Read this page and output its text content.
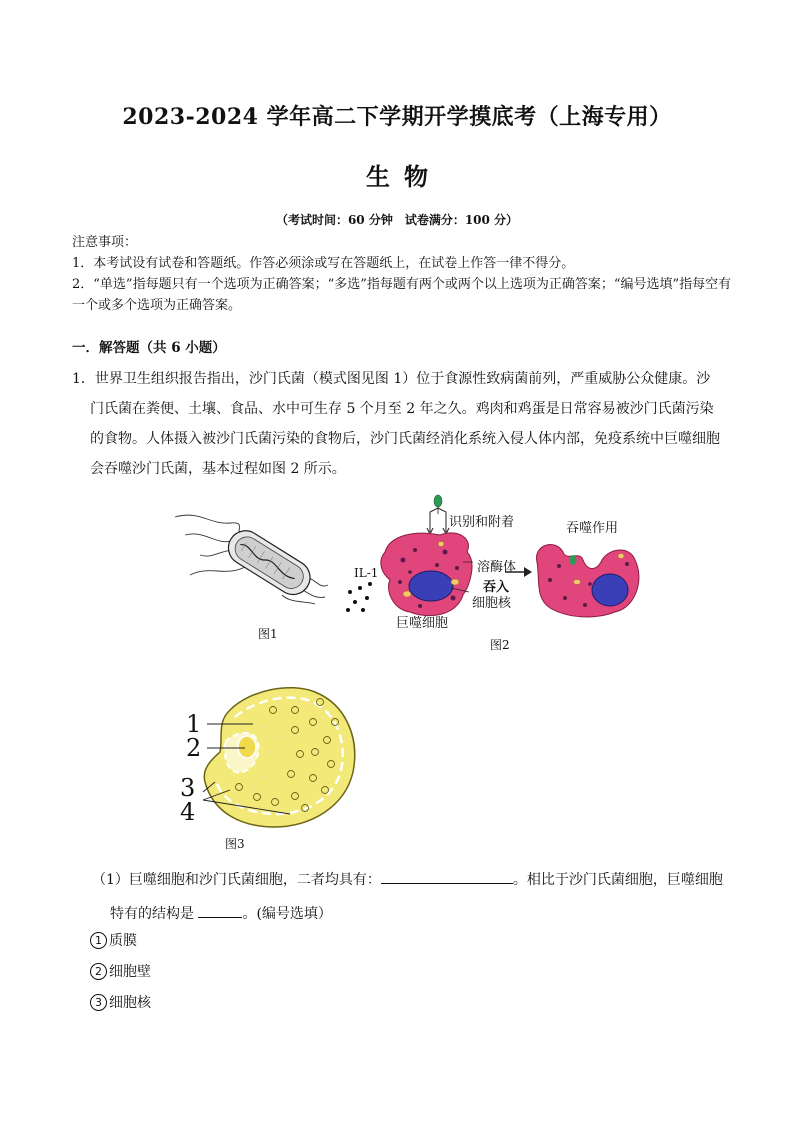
2023-2024 学年高二下学期开学摸底考（上海专用）
生物
（考试时间：60 分钟　试卷满分：100 分）

注意事项：

1．本考试设有试卷和答题纸。作答必须涂或写在答题纸上，在试卷上作答一律不得分。

2．“单选”指每题只有一个选项为正确答案；“多选”指每题有两个或两个以上选项为正确答案；“编号选填”指每空有一个或多个选项为正确答案。

一．解答题（共 6 小题）
1．世界卫生组织报告指出，沙门氏菌（模式图见图 1）位于食源性致病菌前列，严重威胁公众健康。沙门氏菌在粪便、土壤、食品、水中可生存 5 个月至 2 年之久。鸡肉和鸡蛋是日常容易被沙门氏菌污染的食物。人体摄入被沙门氏菌污染的食物后，沙门氏菌经消化系统入侵人体内部，免疫系统中巨噬细胞会吞噬沙门氏菌，基本过程如图 2 所示。
图1
识别和附着	吞噬作用
IL-1	溶酶体
吞入
细胞核
巨噬细胞
图2
1
2
3
4
图3
（1）巨噬细胞和沙门氏菌细胞，二者均具有：	。相比于沙门氏菌细胞，巨噬细胞特有的结构是	。(编号选填）
1 质膜
2 细胞壁
3 细胞核
